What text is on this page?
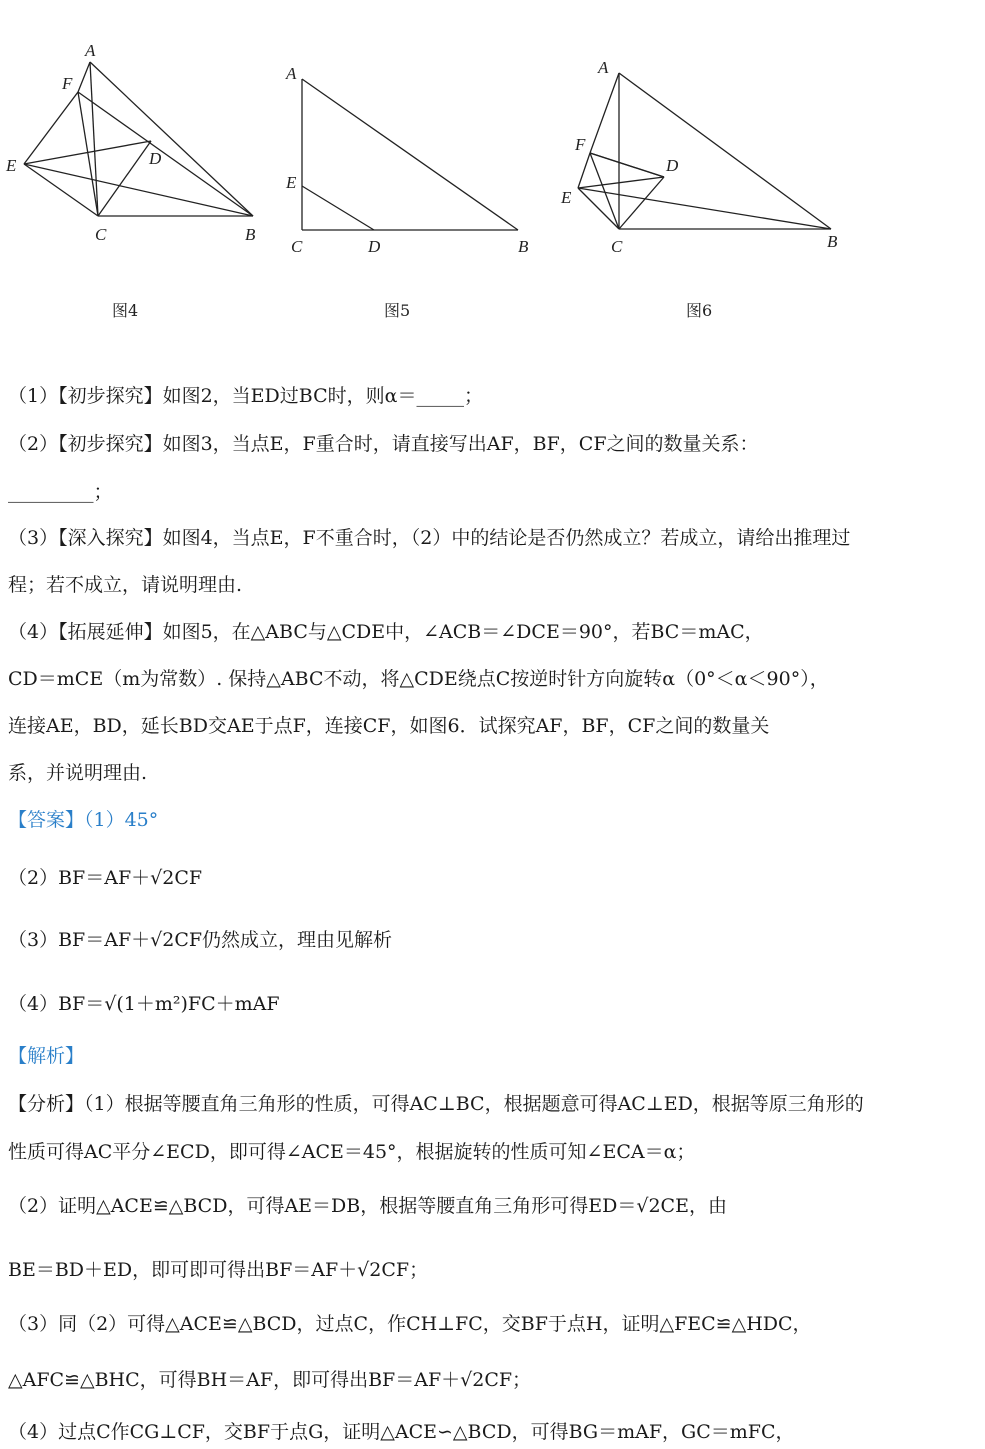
A
F
E	D
C	B
图4
A
E
C	D	B
图5
A
F
D
E
C	B
图6
（1）【初步探究】如图2，当ED过BC时，则α＝_____；
（2）【初步探究】如图3，当点E，F重合时，请直接写出AF，BF，CF之间的数量关系：
_________；
（3）【深入探究】如图4，当点E，F不重合时，（2）中的结论是否仍然成立？若成立，请给出推理过
程；若不成立，请说明理由.
（4）【拓展延伸】如图5，在△ABC与△CDE中，∠ACB＝∠DCE＝90°，若BC＝mAC，
CD＝mCE（m为常数）. 保持△ABC不动，将△CDE绕点C按逆时针方向旋转α（0°＜α＜90°），
连接AE，BD，延长BD交AE于点F，连接CF，如图6．试探究AF，BF，CF之间的数量关
系，并说明理由.
【答案】（1）45°
（2）BF＝AF＋√2CF
（3）BF＝AF＋√2CF仍然成立，理由见解析
（4）BF＝√(1＋m²)FC＋mAF
【解析】
【分析】（1）根据等腰直角三角形的性质，可得AC⊥BC，根据题意可得AC⊥ED，根据等原三角形的
性质可得AC平分∠ECD，即可得∠ACE＝45°，根据旋转的性质可知∠ECA＝α；
（2）证明△ACE≌△BCD，可得AE＝DB，根据等腰直角三角形可得ED＝√2CE，由
BE＝BD＋ED，即可即可得出BF＝AF＋√2CF；
（3）同（2）可得△ACE≌△BCD，过点C，作CH⊥FC，交BF于点H，证明△FEC≌△HDC，
△AFC≌△BHC，可得BH＝AF，即可得出BF＝AF＋√2CF；
（4）过点C作CG⊥CF，交BF于点G，证明△ACE∽△BCD，可得BG＝mAF，GC＝mFC，
